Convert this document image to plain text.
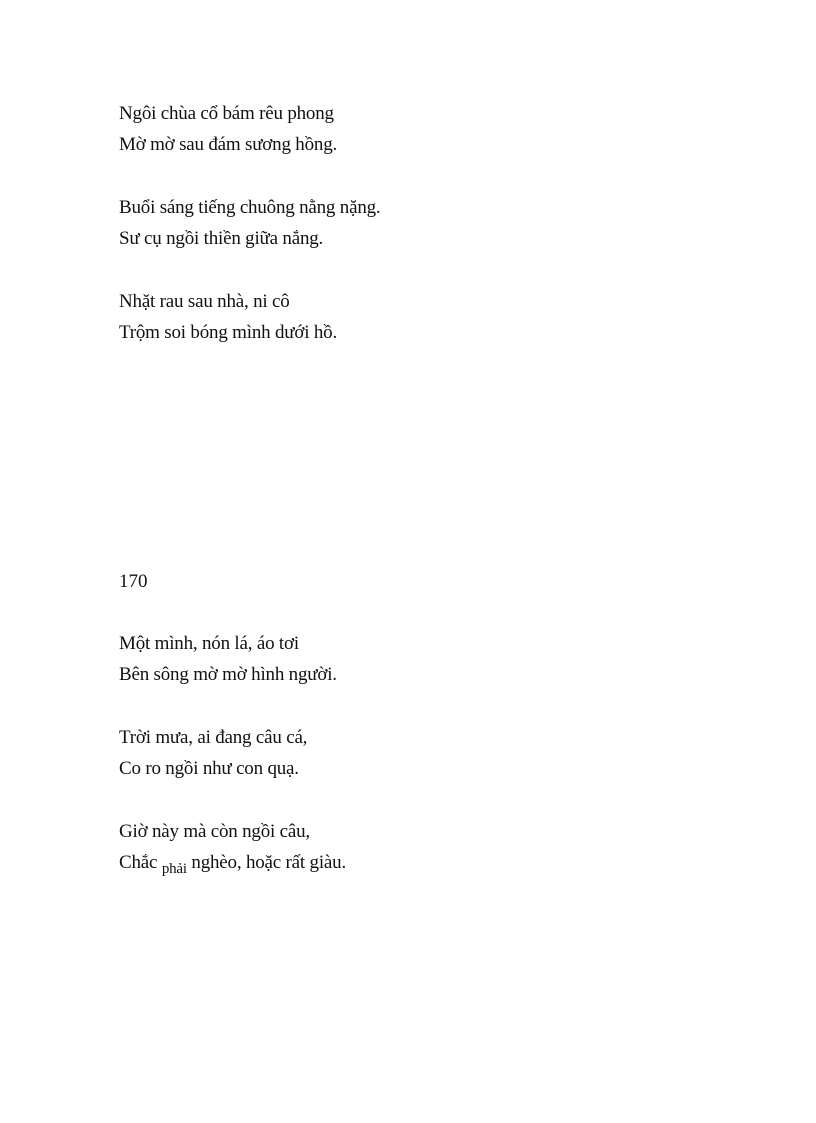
Ngôi chùa cổ bám rêu phong
Mờ mờ sau đám sương hồng.
Buổi sáng tiếng chuông nằng nặng.
Sư cụ ngồi thiền giữa nắng.
Nhặt rau sau nhà, ni cô
Trộm soi bóng mình dưới hồ.
170
Một mình, nón lá, áo tơi
Bên sông mờ mờ hình người.
Trời mưa, ai đang câu cá,
Co ro ngồi như con quạ.
Giờ này mà còn ngồi câu,
Chắc $_{phải}$ nghèo, hoặc rất giàu.
